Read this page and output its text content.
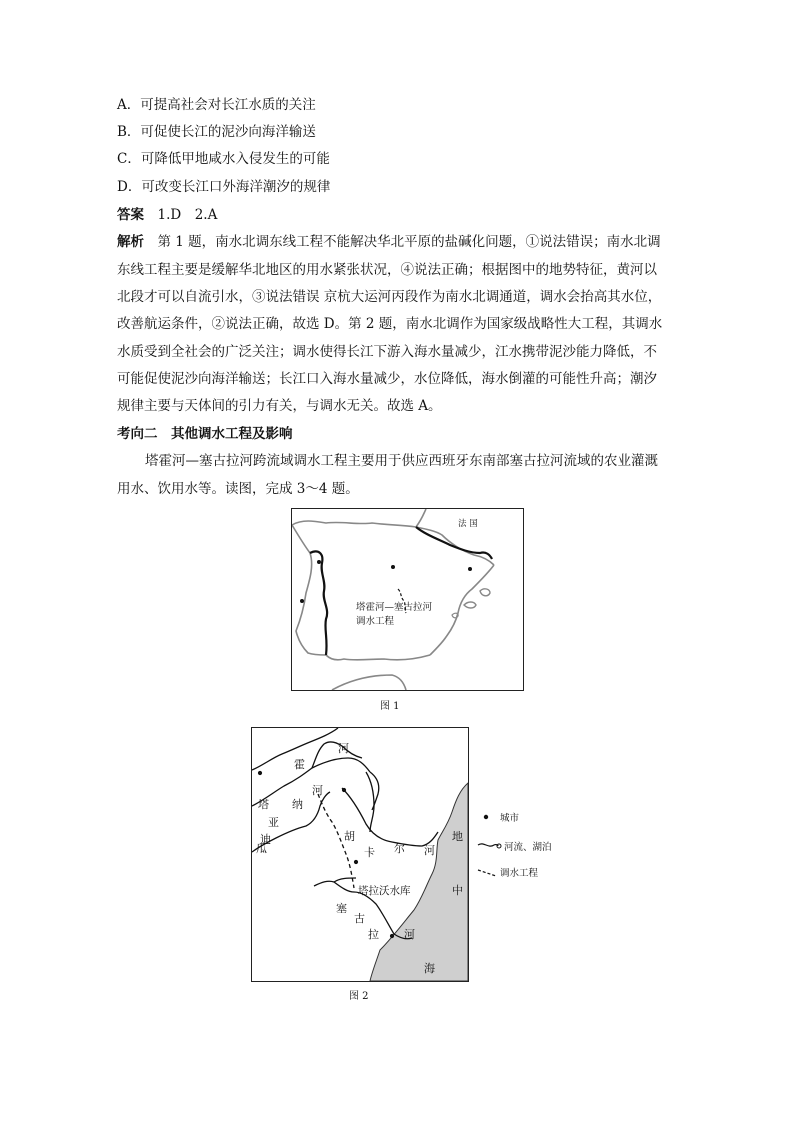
A．可提高社会对长江水质的关注
B．可促使长江的泥沙向海洋输送
C．可降低甲地咸水入侵发生的可能
D．可改变长江口外海洋潮汐的规律
答案　 1.D　2.A
解析　 第 1 题，南水北调东线工程不能解决华北平原的盐碱化问题，①说法错误；南水北调
东线工程主要是缓解华北地区的用水紧张状况，④说法正确；根据图中的地势特征，黄河以
北段才可以自流引水，③说法错误 京杭大运河丙段作为南水北调通道，调水会抬高其水位，
改善航运条件，②说法正确，故选 D。第 2 题，南水北调作为国家级战略性大工程，其调水
水质受到全社会的广泛关注；调水使得长江下游入海水量减少，江水携带泥沙能力降低，不
可能促使泥沙向海洋输送；长江口入海水量减少，水位降低，海水倒灌的可能性升高；潮汐
规律主要与天体间的引力有关，与调水无关。故选 A。
考向二　 其他调水工程及影响
塔霍河—塞古拉河跨流域调水工程主要用于供应西班牙东南部塞古拉河流域的农业灌溉
用水、饮用水等。读图，完成 3～4 题。
法 国
塔霍河—塞古拉河
调水工程
图 1
河
霍
塔 纳
亚
迪
瓜
河
胡
卡 尔 河
塔拉沃水库
塞
古
拉 河
地
中
海
城市
河流、湖泊
调水工程
图 2
